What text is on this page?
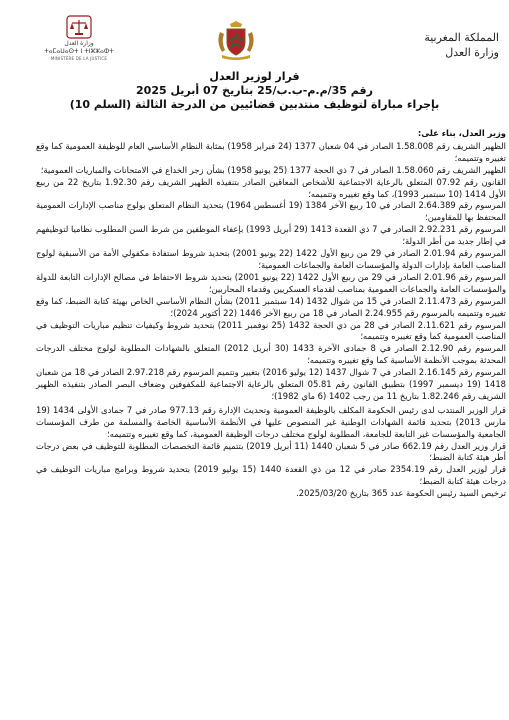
وزارة العدل
ⵜⴰⵎⴰⵡⴰⵙⵜ ⵏ ⵜⵏⵣⵣⴰⵀⵜ
MINISTÈRE DE LA JUSTICE
المملكة المغربية
وزارة العدل
قرار لوزير العدل
رقم 35/م.م-ب.ب/25 بتاريخ 07 أبريل 2025
بإجراء مباراة لتوظيف منتدبين قضائيين من الدرجة الثالثة (السلم 10)

وزير العدل، بناء على:

الظهير الشريف رقم 1.58.008 الصادر في 04 شعبان 1377 (24 فبراير 1958) بمثابة النظام الأساسي العام للوظيفة العمومية كما وقع تغييره وتتميمه؛

الظهير الشريف رقم 1.58.060 الصادر في 7 ذي الحجة 1377 (25 يونيو 1958) بشأن زجر الخداع في الامتحانات والمباريات العمومية؛

القانون رقم 07.92 المتعلق بالرعاية الاجتماعية للأشخاص المعاقين الصادر بتنفيذه الظهير الشريف رقم 1.92.30 بتاريخ 22 من ربيع الأول 1414 (10 سبتمبر 1993)، كما وقع تغييره وتتميمه؛

المرسوم رقم 2.64.389 الصادر في 10 ربيع الآخر 1384 (19 أغسطس 1964) بتحديد النظام المتعلق بولوج مناصب الإدارات العمومية المحتفظ بها للمقاومين؛

المرسوم رقم 2.92.231 الصادر في 7 ذي القعدة 1413 (29 أبريل 1993) بإعفاء الموظفين من شرط السن المطلوب نظاميا لتوظيفهم في إطار جديد من أطر الدولة؛

المرسوم رقم 2.01.94 الصادر في 29 من ربيع الأول 1422 (22 يونيو 2001) بتحديد شروط استفادة مكفولي الأمة من الأسبقية لولوج المناصب العامة بإدارات الدولة والمؤسسات العامة والجماعات العمومية؛

المرسوم رقم 2.01.96 الصادر في 29 من ربيع الأول 1422 (22 يونيو 2001) بتحديد شروط الاحتفاظ في مصالح الإدارات التابعة للدولة والمؤسسات العامة والجماعات العمومية بمناصب لقدماء العسكريين وقدماء المحاربين؛

المرسوم رقم 2.11.473 الصادر في 15 من شوال 1432 (14 سبتمبر 2011) بشأن النظام الأساسي الخاص بهيئة كتابة الضبط، كما وقع تغييره وتتميمه بالمرسوم رقم 2.24.955 الصادر في 18 من ربيع الآخر 1446 (22 أكتوبر 2024)؛

المرسوم رقم 2.11.621 الصادر في 28 من ذي الحجة 1432 (25 نوفمبر 2011) بتحديد شروط وكيفيات تنظيم مباريات التوظيف في المناصب العمومية كما وقع تغييره وتتميمه؛

المرسوم رقم 2.12.90 الصادر في 8 جمادى الآخرة 1433 (30 أبريل 2012) المتعلق بالشهادات المطلوبة لولوج مختلف الدرجات المحدثة بموجب الأنظمة الأساسية كما وقع تغييره وتتميمه؛

المرسوم رقم 2.16.145 الصادر في 7 شوال 1437 (12 يوليو 2016) بتغيير وتتميم المرسوم رقم 2.97.218 الصادر في 18 من شعبان 1418 (19 ديسمبر 1997) بتطبيق القانون رقم 05.81 المتعلق بالرعاية الاجتماعية للمكفوفين وضعاف البصر الصادر بتنفيذه الظهير الشريف رقم 1.82.246 بتاريخ 11 من رجب 1402 (6 ماي 1982)؛

قرار الوزير المنتدب لدى رئيس الحكومة المكلف بالوظيفة العمومية وتحديث الإدارة رقم 977.13 صادر في 7 جمادى الأولى 1434 (19 مارس 2013) بتحديد قائمة الشهادات الوطنية غير المنصوص عليها في الأنظمة الأساسية الخاصة والمسلمة من طرف المؤسسات الجامعية والمؤسسات غير التابعة للجامعة، المطلوبة لولوج مختلف درجات الوظيفة العمومية، كما وقع تغييره وتتميمه؛

قرار وزير العدل رقم 662.19 صادر في 5 شعبان 1440 (11 أبريل 2019) بتتميم قائمة التخصصات المطلوبة للتوظيف في بعض درجات أطر هيئة كتابة الضبط؛

قرار لوزير العدل رقم 2354.19 صادر في 12 من ذي القعدة 1440 (15 يوليو 2019) بتحديد شروط وبرامج مباريات التوظيف في درجات هيئة كتابة الضبط؛

ترخيص السيد رئيس الحكومة عدد 365 بتاريخ 2025/03/20.
